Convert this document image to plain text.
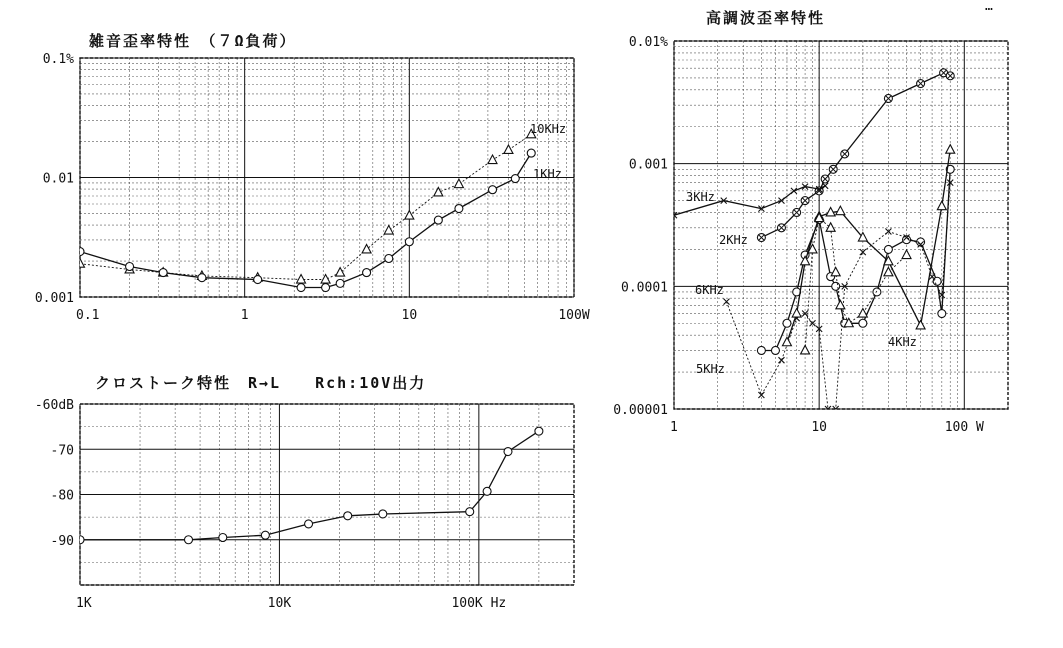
雑音歪率特性　（７Ω負荷）
クロストーク特性　R→L　　Rch:10V出力
高調波歪率特性
…
0.1	1	10	100W
0.1%
0.01
0.001
1K	10K	100K Hz
-60dB
-70
-80
-90
1	10	100 W
0.01%
0.001
0.0001
0.00001
10KHz
1KHz
3KHz
2KHz
6KHz
5KHz
4KHz
